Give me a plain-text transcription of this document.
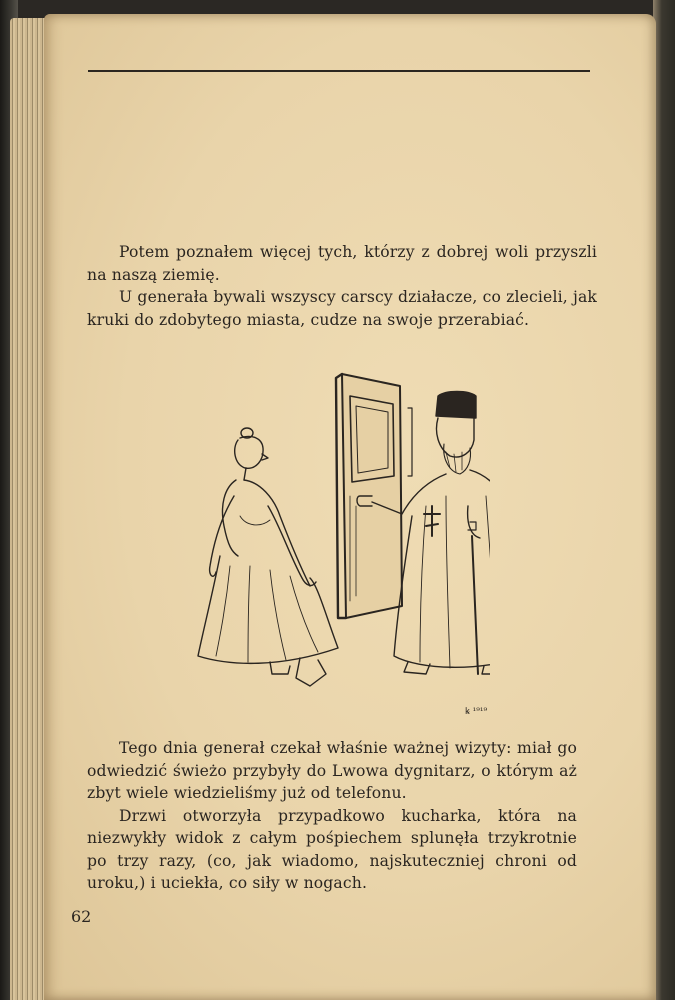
Potem poznałem więcej tych, którzy z dobrej woli przyszli na naszą ziemię.

U generała bywali wszyscy carscy działacze, co zlecieli, jak kruki do zdobytego miasta, cudze na swoje przerabiać.

ꝃ ¹⁹¹⁹

Tego dnia generał czekał właśnie ważnej wizyty: miał go odwiedzić świeżo przybyły do Lwowa dygnitarz, o którym aż zbyt wiele wiedzieliśmy już od telefonu.

Drzwi otworzyła przypadkowo kucharka, która na niezwykły widok z całym pośpiechem splunęła trzykrotnie po trzy razy, (co, jak wiadomo, najskuteczniej chroni od uroku,) i uciekła, co siły w nogach.

62
